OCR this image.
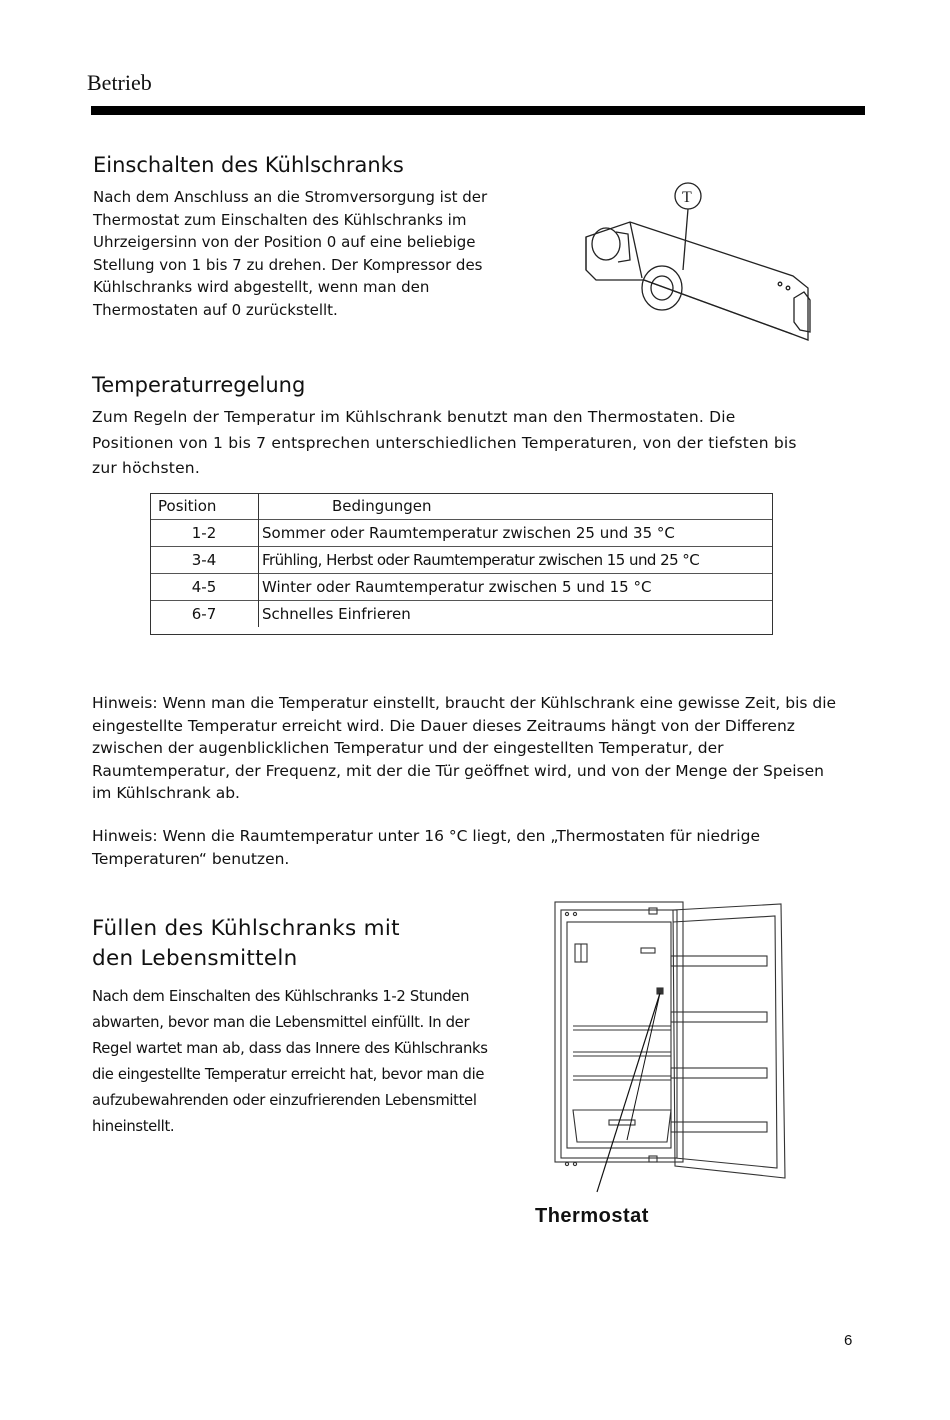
Betrieb
Einschalten des Kühlschranks

Nach dem Anschluss an die Stromversorgung ist der Thermostat zum Einschalten des Kühlschranks im Uhrzeigersinn von der Position 0 auf eine beliebige Stellung von 1 bis 7 zu drehen. Der Kompressor des Kühlschranks wird abgestellt, wenn man den Thermostaten auf 0 zurückstellt.

T
Temperaturregelung

Zum Regeln der Temperatur im Kühlschrank benutzt man den Thermostaten. Die Positionen von 1 bis 7 entsprechen unterschiedlichen Temperaturen, von der tiefsten bis zur höchsten.

Position	Bedingungen
1-2	Sommer oder Raumtemperatur zwischen 25 und 35 °C
3-4	Frühling, Herbst oder Raumtemperatur zwischen 15 und 25 °C
4-5	Winter oder Raumtemperatur zwischen 5 und 15 °C
6-7	Schnelles Einfrieren

Hinweis: Wenn man die Temperatur einstellt, braucht der Kühlschrank eine gewisse Zeit, bis die eingestellte Temperatur erreicht wird. Die Dauer dieses Zeitraums hängt von der Differenz zwischen der augenblicklichen Temperatur und der eingestellten Temperatur, der Raumtemperatur, der Frequenz, mit der die Tür geöffnet wird, und von der Menge der Speisen im Kühlschrank ab.

Hinweis: Wenn die Raumtemperatur unter 16 °C liegt, den „Thermostaten für niedrige Temperaturen“ benutzen.

Füllen des Kühlschranks mit den Lebensmitteln

Nach dem Einschalten des Kühlschranks 1-2 Stunden abwarten, bevor man die Lebensmittel einfüllt. In der Regel wartet man ab, dass das Innere des Kühlschranks die eingestellte Temperatur erreicht hat, bevor man die aufzubewahrenden oder einzufrierenden Lebensmittel hineinstellt.

Thermostat
6
